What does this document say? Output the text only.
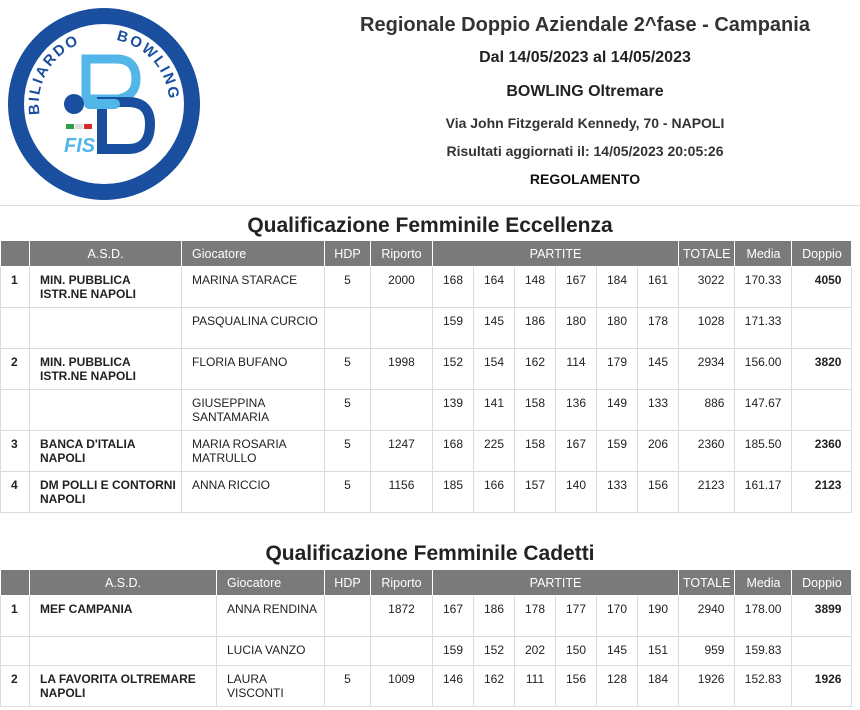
BILIARDO BOWLING
FIS
Regionale Doppio Aziendale 2^fase - Campania
Dal 14/05/2023 al 14/05/2023
BOWLING Oltremare
Via John Fitzgerald Kennedy, 70 - NAPOLI
Risultati aggiornati il: 14/05/2023 20:05:26
REGOLAMENTO
Qualificazione Femminile Eccellenza
	A.S.D.	Giocatore	HDP	Riporto	PARTITE						TOTALE	Media	Doppio
1	MIN. PUBBLICA ISTR.NE NAPOLI	MARINA STARACE	5	2000	168	164	148	167	184	161	3022	170.33	4050
		PASQUALINA CURCIO			159	145	186	180	180	178	1028	171.33	
2	MIN. PUBBLICA ISTR.NE NAPOLI	FLORIA BUFANO	5	1998	152	154	162	114	179	145	2934	156.00	3820
		GIUSEPPINA SANTAMARIA	5		139	141	158	136	149	133	886	147.67	
3	BANCA D'ITALIA NAPOLI	MARIA ROSARIA MATRULLO	5	1247	168	225	158	167	159	206	2360	185.50	2360
4	DM POLLI E CONTORNI NAPOLI	ANNA RICCIO	5	1156	185	166	157	140	133	156	2123	161.17	2123
Qualificazione Femminile Cadetti
	A.S.D.	Giocatore	HDP	Riporto	PARTITE						TOTALE	Media	Doppio
1	MEF CAMPANIA	ANNA RENDINA		1872	167	186	178	177	170	190	2940	178.00	3899
		LUCIA VANZO			159	152	202	150	145	151	959	159.83	
2	LA FAVORITA OLTREMARE NAPOLI	LAURA VISCONTI	5	1009	146	162	111	156	128	184	1926	152.83	1926
